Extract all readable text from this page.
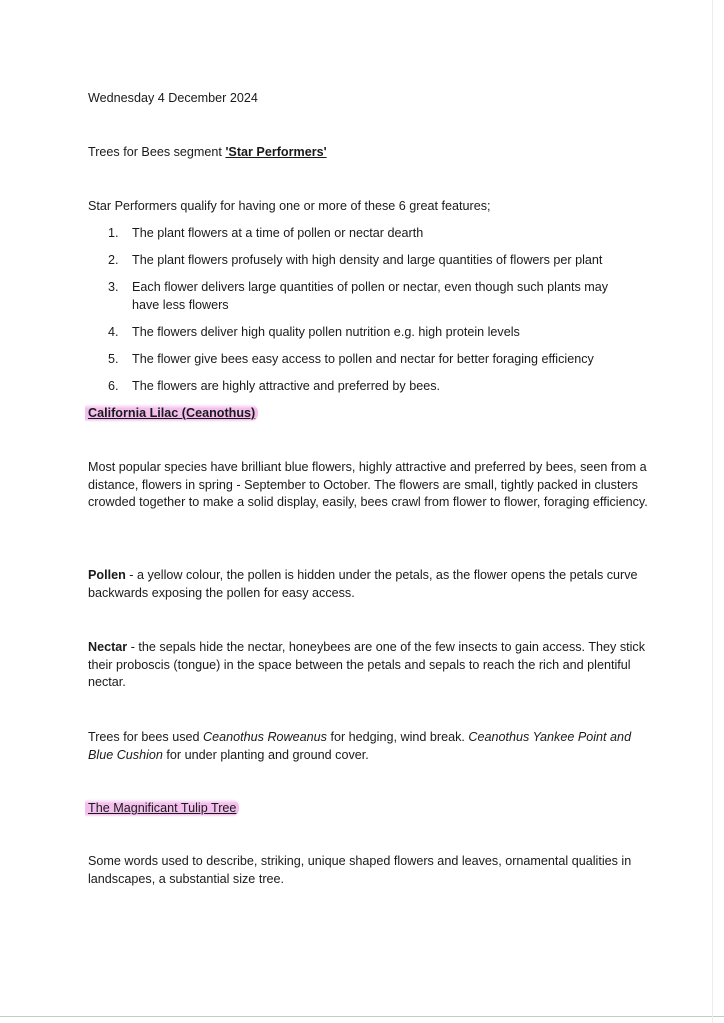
Wednesday 4 December 2024

Trees for Bees segment 'Star Performers'

Star Performers qualify for having one or more of these 6 great features;

1. The plant flowers at a time of pollen or nectar dearth
2. The plant flowers profusely with high density and large quantities of flowers per plant
3. Each flower delivers large quantities of pollen or nectar, even though such plants may have less flowers
4. The flowers deliver high quality pollen nutrition e.g. high protein levels
5. The flower give bees easy access to pollen and nectar for better foraging efficiency
6. The flowers are highly attractive and preferred by bees.
California Lilac (Ceanothus)

Most popular species have brilliant blue flowers, highly attractive and preferred by bees, seen from a distance, flowers in spring - September to October. The flowers are small, tightly packed in clusters crowded together to make a solid display, easily, bees crawl from flower to flower, foraging efficiency.

Pollen - a yellow colour, the pollen is hidden under the petals, as the flower opens the petals curve backwards exposing the pollen for easy access.

Nectar - the sepals hide the nectar, honeybees are one of the few insects to gain access. They stick their proboscis (tongue) in the space between the petals and sepals to reach the rich and plentiful nectar.

Trees for bees used Ceanothus Roweanus for hedging, wind break. Ceanothus Yankee Point and Blue Cushion for under planting and ground cover.

The Magnificant Tulip Tree

Some words used to describe, striking, unique shaped flowers and leaves, ornamental qualities in landscapes, a substantial size tree.
